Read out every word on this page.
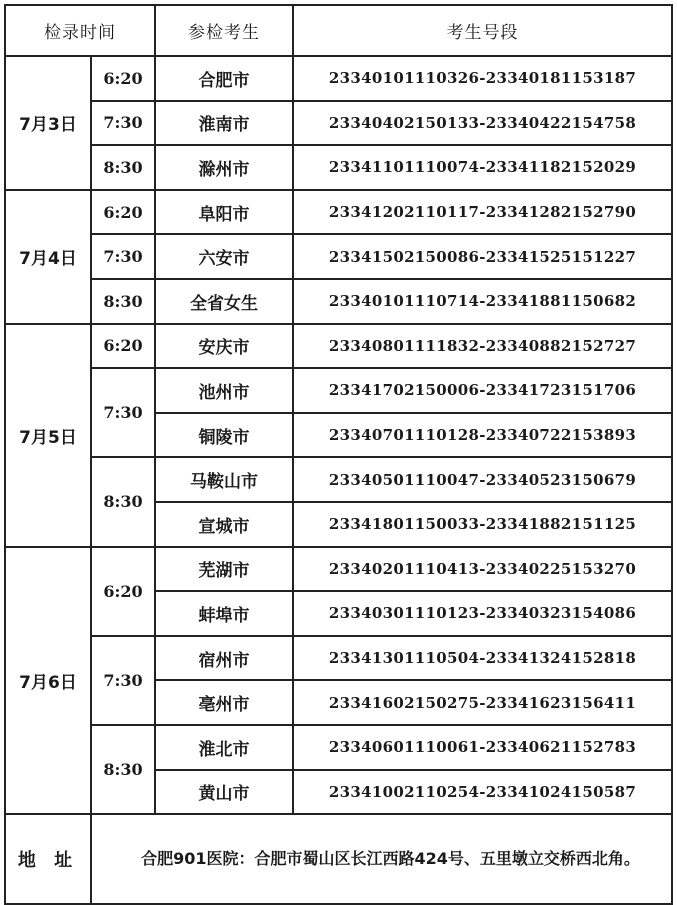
检录时间		参检考生	考生号段
7月3日	6:20	合肥市	23340101110326-23340181153187
	7:30	淮南市	23340402150133-23340422154758
	8:30	滁州市	23341101110074-23341182152029
7月4日	6:20	阜阳市	23341202110117-23341282152790
	7:30	六安市	23341502150086-23341525151227
	8:30	全省女生	23340101110714-23341881150682
7月5日	6:20	安庆市	23340801111832-23340882152727
	7:30	池州市	23341702150006-23341723151706
		铜陵市	23340701110128-23340722153893
	8:30	马鞍山市	23340501110047-23340523150679
		宣城市	23341801150033-23341882151125
7月6日	6:20	芜湖市	23340201110413-23340225153270
		蚌埠市	23340301110123-23340323154086
	7:30	宿州市	23341301110504-23341324152818
		亳州市	23341602150275-23341623156411
	8:30	淮北市	23340601110061-23340621152783
		黄山市	23341002110254-23341024150587
地 址	合肥901医院：合肥市蜀山区长江西路424号、五里墩立交桥西北角。		
